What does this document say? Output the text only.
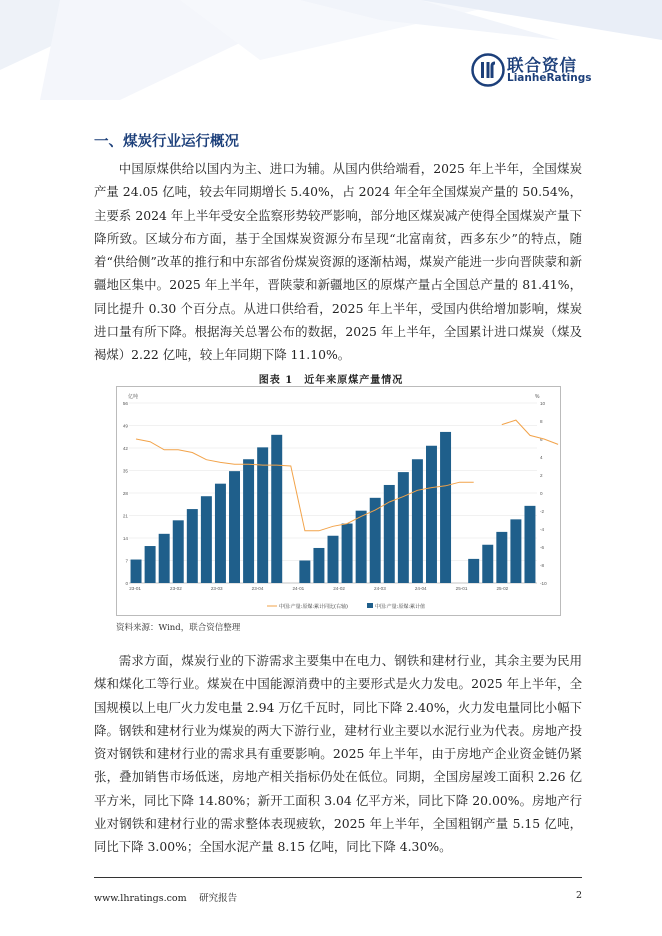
联合资信
LianheRatings
一、煤炭行业运行概况

中国原煤供给以国内为主、进口为辅。从国内供给端看，2025 年上半年，全国煤炭产量 24.05 亿吨，较去年同期增长 5.40%，占 2024 年全年全国煤炭产量的 50.54%，主要系 2024 年上半年受安全监察形势较严影响，部分地区煤炭减产使得全国煤炭产量下降所致。区域分布方面，基于全国煤炭资源分布呈现“北富南贫，西多东少”的特点，随着“供给侧”改革的推行和中东部省份煤炭资源的逐渐枯竭，煤炭产能进一步向晋陕蒙和新疆地区集中。2025 年上半年，晋陕蒙和新疆地区的原煤产量占全国总产量的 81.41%，同比提升 0.30 个百分点。从进口供给看，2025 年上半年，受国内供给增加影响，煤炭进口量有所下降。根据海关总署公布的数据，2025 年上半年，全国累计进口煤炭（煤及褐煤）2.22 亿吨，较上年同期下降 11.10%。

图表 1　近年来原煤产量情况
0
7
14
21
28
35
42
49
56
-10
-8
-6
-4
-2
0
2
4
6
8
10
亿吨	%
23-01	23-02	23-03	23-04	24-01	24-02	24-03	24-04	25-01	25-02
中国:产量:原煤:累计同比(右轴)	中国:产量:原煤:累计值
资料来源：Wind，联合资信整理

需求方面，煤炭行业的下游需求主要集中在电力、钢铁和建材行业，其余主要为民用煤和煤化工等行业。煤炭在中国能源消费中的主要形式是火力发电。2025 年上半年，全国规模以上电厂火力发电量 2.94 万亿千瓦时，同比下降 2.40%，火力发电量同比小幅下降。钢铁和建材行业为煤炭的两大下游行业，建材行业主要以水泥行业为代表。房地产投资对钢铁和建材行业的需求具有重要影响。2025 年上半年，由于房地产企业资金链仍紧张，叠加销售市场低迷，房地产相关指标仍处在低位。同期，全国房屋竣工面积 2.26 亿平方米，同比下降 14.80%；新开工面积 3.04 亿平方米，同比下降 20.00%。房地产行业对钢铁和建材行业的需求整体表现疲软，2025 年上半年，全国粗钢产量 5.15 亿吨，同比下降 3.00%；全国水泥产量 8.15 亿吨，同比下降 4.30%。

www.lhratings.com　 研究报告	2
